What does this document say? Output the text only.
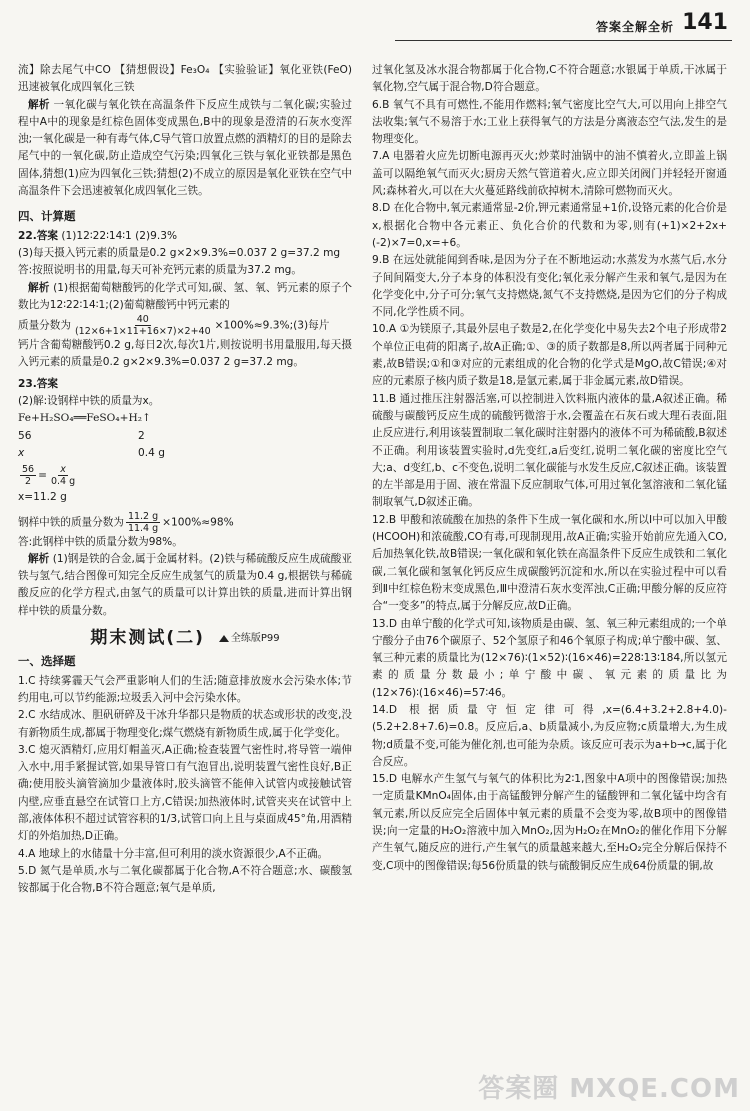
答案全解全析 141

流】除去尾气中CO 【猜想假设】Fe₃O₄ 【实验验证】氧化亚铁(FeO)迅速被氧化成四氧化三铁

解析 一氧化碳与氧化铁在高温条件下反应生成铁与二氧化碳;实验过程中A中的现象是红棕色固体变成黑色,B中的现象是澄清的石灰水变浑浊;一氧化碳是一种有毒气体,C导气管口放置点燃的酒精灯的目的是除去尾气中的一氧化碳,防止造成空气污染;四氧化三铁与氧化亚铁都是黑色固体,猜想(1)应为四氧化三铁;猜想(2)不成立的原因是氧化亚铁在空气中高温条件下会迅速被氧化成四氧化三铁。

四、计算题

22.答案 (1)12∶22∶14∶1 (2)9.3%

(3)每天摄入钙元素的质量是0.2 g×2×9.3%=0.037 2 g=37.2 mg

答:按照说明书的用量,每天可补充钙元素的质量为37.2 mg。

解析 (1)根据葡萄糖酸钙的化学式可知,碳、氢、氧、钙元素的原子个数比为12∶22∶14∶1;(2)葡萄糖酸钙中钙元素的

质量分数为 $\frac{40}{(12\times 6+1\times 11+16\times 7)\times 2+40}$ ×100%≈9.3%;(3)每片

钙片含葡萄糖酸钙0.2 g,每日2次,每次1片,则按说明书用量服用,每天摄入钙元素的质量是0.2 g×2×9.3%=0.037 2 g=37.2 mg。

23.答案

(2)解:设钢样中铁的质量为x。

Fe+H₂SO₄══FeSO₄+H₂↑

56	2
x	0.4 g

$\frac{56}{2} = \frac{x}{0.4 g}$

x=11.2 g

钢样中铁的质量分数为 $\frac{11.2 g}{11.4 g} \times 100\%\approx 98\%$

答:此钢样中铁的质量分数为98%。

解析 (1)钢是铁的合金,属于金属材料。(2)铁与稀硫酸反应生成硫酸亚铁与氢气,结合图像可知完全反应生成氢气的质量为0.4 g,根据铁与稀硫酸反应的化学方程式,由氢气的质量可以计算出铁的质量,进而计算出钢样中铁的质量分数。

期末测试(二)	全练版P99
一、选择题

1.C 持续雾霾天气会严重影响人们的生活;随意排放废水会污染水体;节约用电,可以节约能源;垃圾丢入河中会污染水体。

2.C 水结成冰、胆矾研碎及干冰升华都只是物质的状态或形状的改变,没有新物质生成,都属于物理变化;煤气燃烧有新物质生成,属于化学变化。

3.C 熄灭酒精灯,应用灯帽盖灭,A正确;检查装置气密性时,将导管一端伸入水中,用手紧握试管,如果导管口有气泡冒出,说明装置气密性良好,B正确;使用胶头滴管滴加少量液体时,胶头滴管不能伸入试管内或接触试管内壁,应垂直悬空在试管口上方,C错误;加热液体时,试管夹夹在试管中上部,液体体积不超过试管容积的1/3,试管口向上且与桌面成45°角,用酒精灯的外焰加热,D正确。

4.A 地球上的水储量十分丰富,但可利用的淡水资源很少,A不正确。

5.D 氮气是单质,水与二氧化碳都属于化合物,A不符合题意;水、碳酸氢铵都属于化合物,B不符合题意;氧气是单质,

过氧化氢及冰水混合物都属于化合物,C不符合题意;水银属于单质,干冰属于氧化物,空气属于混合物,D符合题意。

6.B 氧气不具有可燃性,不能用作燃料;氧气密度比空气大,可以用向上排空气法收集;氧气不易溶于水;工业上获得氧气的方法是分离液态空气法,发生的是物理变化。

7.A 电器着火应先切断电源再灭火;炒菜时油锅中的油不慎着火,立即盖上锅盖可以隔绝氧气而灭火;厨房天然气管道着火,应立即关闭阀门并轻轻开窗通风;森林着火,可以在大火蔓延路线前砍掉树木,清除可燃物而灭火。

8.D 在化合物中,氧元素通常显-2价,钾元素通常显+1价,设铬元素的化合价是x,根据化合物中各元素正、负化合价的代数和为零,则有(+1)×2+2x+(-2)×7=0,x=+6。

9.B 在远处就能闻到香味,是因为分子在不断地运动;水蒸发为水蒸气后,水分子间间隔变大,分子本身的体积没有变化;氧化汞分解产生汞和氧气,是因为在化学变化中,分子可分;氧气支持燃烧,氮气不支持燃烧,是因为它们的分子构成不同,化学性质不同。

10.A ①为镁原子,其最外层电子数是2,在化学变化中易失去2个电子形成带2个单位正电荷的阳离子,故A正确;①、③的质子数都是8,所以两者属于同种元素,故B错误;①和③对应的元素组成的化合物的化学式是MgO,故C错误;④对应的元素原子核内质子数是18,是氩元素,属于非金属元素,故D错误。

11.B 通过推压注射器活塞,可以控制进入饮料瓶内液体的量,A叙述正确。稀硫酸与碳酸钙反应生成的硫酸钙微溶于水,会覆盖在石灰石或大理石表面,阻止反应进行,利用该装置制取二氧化碳时注射器内的液体不可为稀硫酸,B叙述不正确。利用该装置实验时,d先变红,a后变红,说明二氧化碳的密度比空气大;a、d变红,b、c不变色,说明二氧化碳能与水发生反应,C叙述正确。该装置的左半部是用于固、液在常温下反应制取气体,可用过氧化氢溶液和二氧化锰制取氧气,D叙述正确。

12.B 甲酸和浓硫酸在加热的条件下生成一氧化碳和水,所以I中可以加入甲酸(HCOOH)和浓硫酸,CO有毒,可现制现用,故A正确;实验开始前应先通入CO,后加热氧化铁,故B错误;一氧化碳和氧化铁在高温条件下反应生成铁和二氧化碳,二氧化碳和氢氧化钙反应生成碳酸钙沉淀和水,所以在实验过程中可以看到Ⅱ中红棕色粉末变成黑色,Ⅲ中澄清石灰水变浑浊,C正确;甲酸分解的反应符合“一变多”的特点,属于分解反应,故D正确。

13.D 由单宁酸的化学式可知,该物质是由碳、氢、氧三种元素组成的;一个单宁酸分子由76个碳原子、52个氢原子和46个氧原子构成;单宁酸中碳、氢、氧三种元素的质量比为(12×76)∶(1×52)∶(16×46)=228∶13∶184,所以氢元素的质量分数最小;单宁酸中碳、氧元素的质量比为(12×76)∶(16×46)=57∶46。

14.D 根据质量守恒定律可得,x=(6.4+3.2+2.8+4.0)-(5.2+2.8+7.6)=0.8。反应后,a、b质量减小,为反应物;c质量增大,为生成物;d质量不变,可能为催化剂,也可能为杂质。该反应可表示为a+b→c,属于化合反应。

15.D 电解水产生氢气与氧气的体积比为2∶1,图象中A项中的图像错误;加热一定质量KMnO₄固体,由于高锰酸钾分解产生的锰酸钾和二氧化锰中均含有氧元素,所以反应完全后固体中氧元素的质量不会变为零,故B项中的图像错误;向一定量的H₂O₂溶液中加入MnO₂,因为H₂O₂在MnO₂的催化作用下分解产生氧气,随反应的进行,产生氧气的质量越来越大,至H₂O₂完全分解后保持不变,C项中的图像错误;每56份质量的铁与硫酸铜反应生成64份质量的铜,故

答案圈 MXQE.COM
